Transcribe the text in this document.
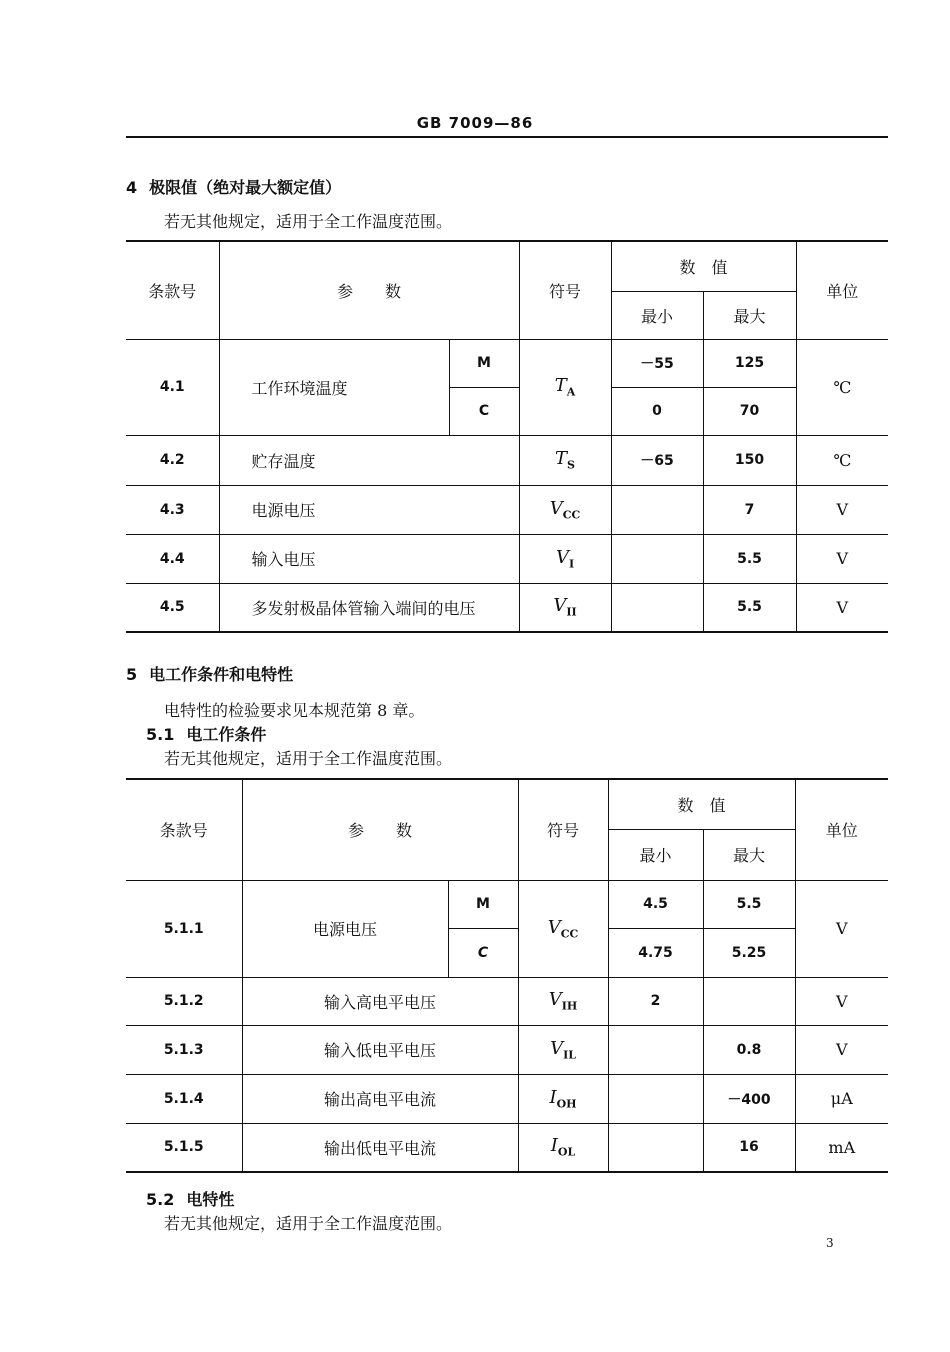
GB 7009—86
4 极限值（绝对最大额定值）
若无其他规定，适用于全工作温度范围。
条款号	参　　数		符号	数　值		单位
				最小	最大	
4.1	工作环境温度	M	$T_A$	－55	125	℃
		C		0	70	
4.2	贮存温度		$T_S$	－65	150	℃
4.3	电源电压		$V_{CC}$		7	V
4.4	输入电压		$V_I$		5.5	V
4.5	多发射极晶体管输入端间的电压		$V_{II}$		5.5	V
5 电工作条件和电特性
电特性的检验要求见本规范第 8 章。
5.1 电工作条件
若无其他规定，适用于全工作温度范围。
条款号	参　　数		符号	数　值		单位
				最小	最大	
5.1.1	电源电压	M	$V_{CC}$	4.5	5.5	V
		C		4.75	5.25	
5.1.2	输入高电平电压		$V_{IH}$	2		V
5.1.3	输入低电平电压		$V_{IL}$		0.8	V
5.1.4	输出高电平电流		$I_{OH}$		－400	μA
5.1.5	输出低电平电流		$I_{OL}$		16	mA
5.2 电特性
若无其他规定，适用于全工作温度范围。
3
